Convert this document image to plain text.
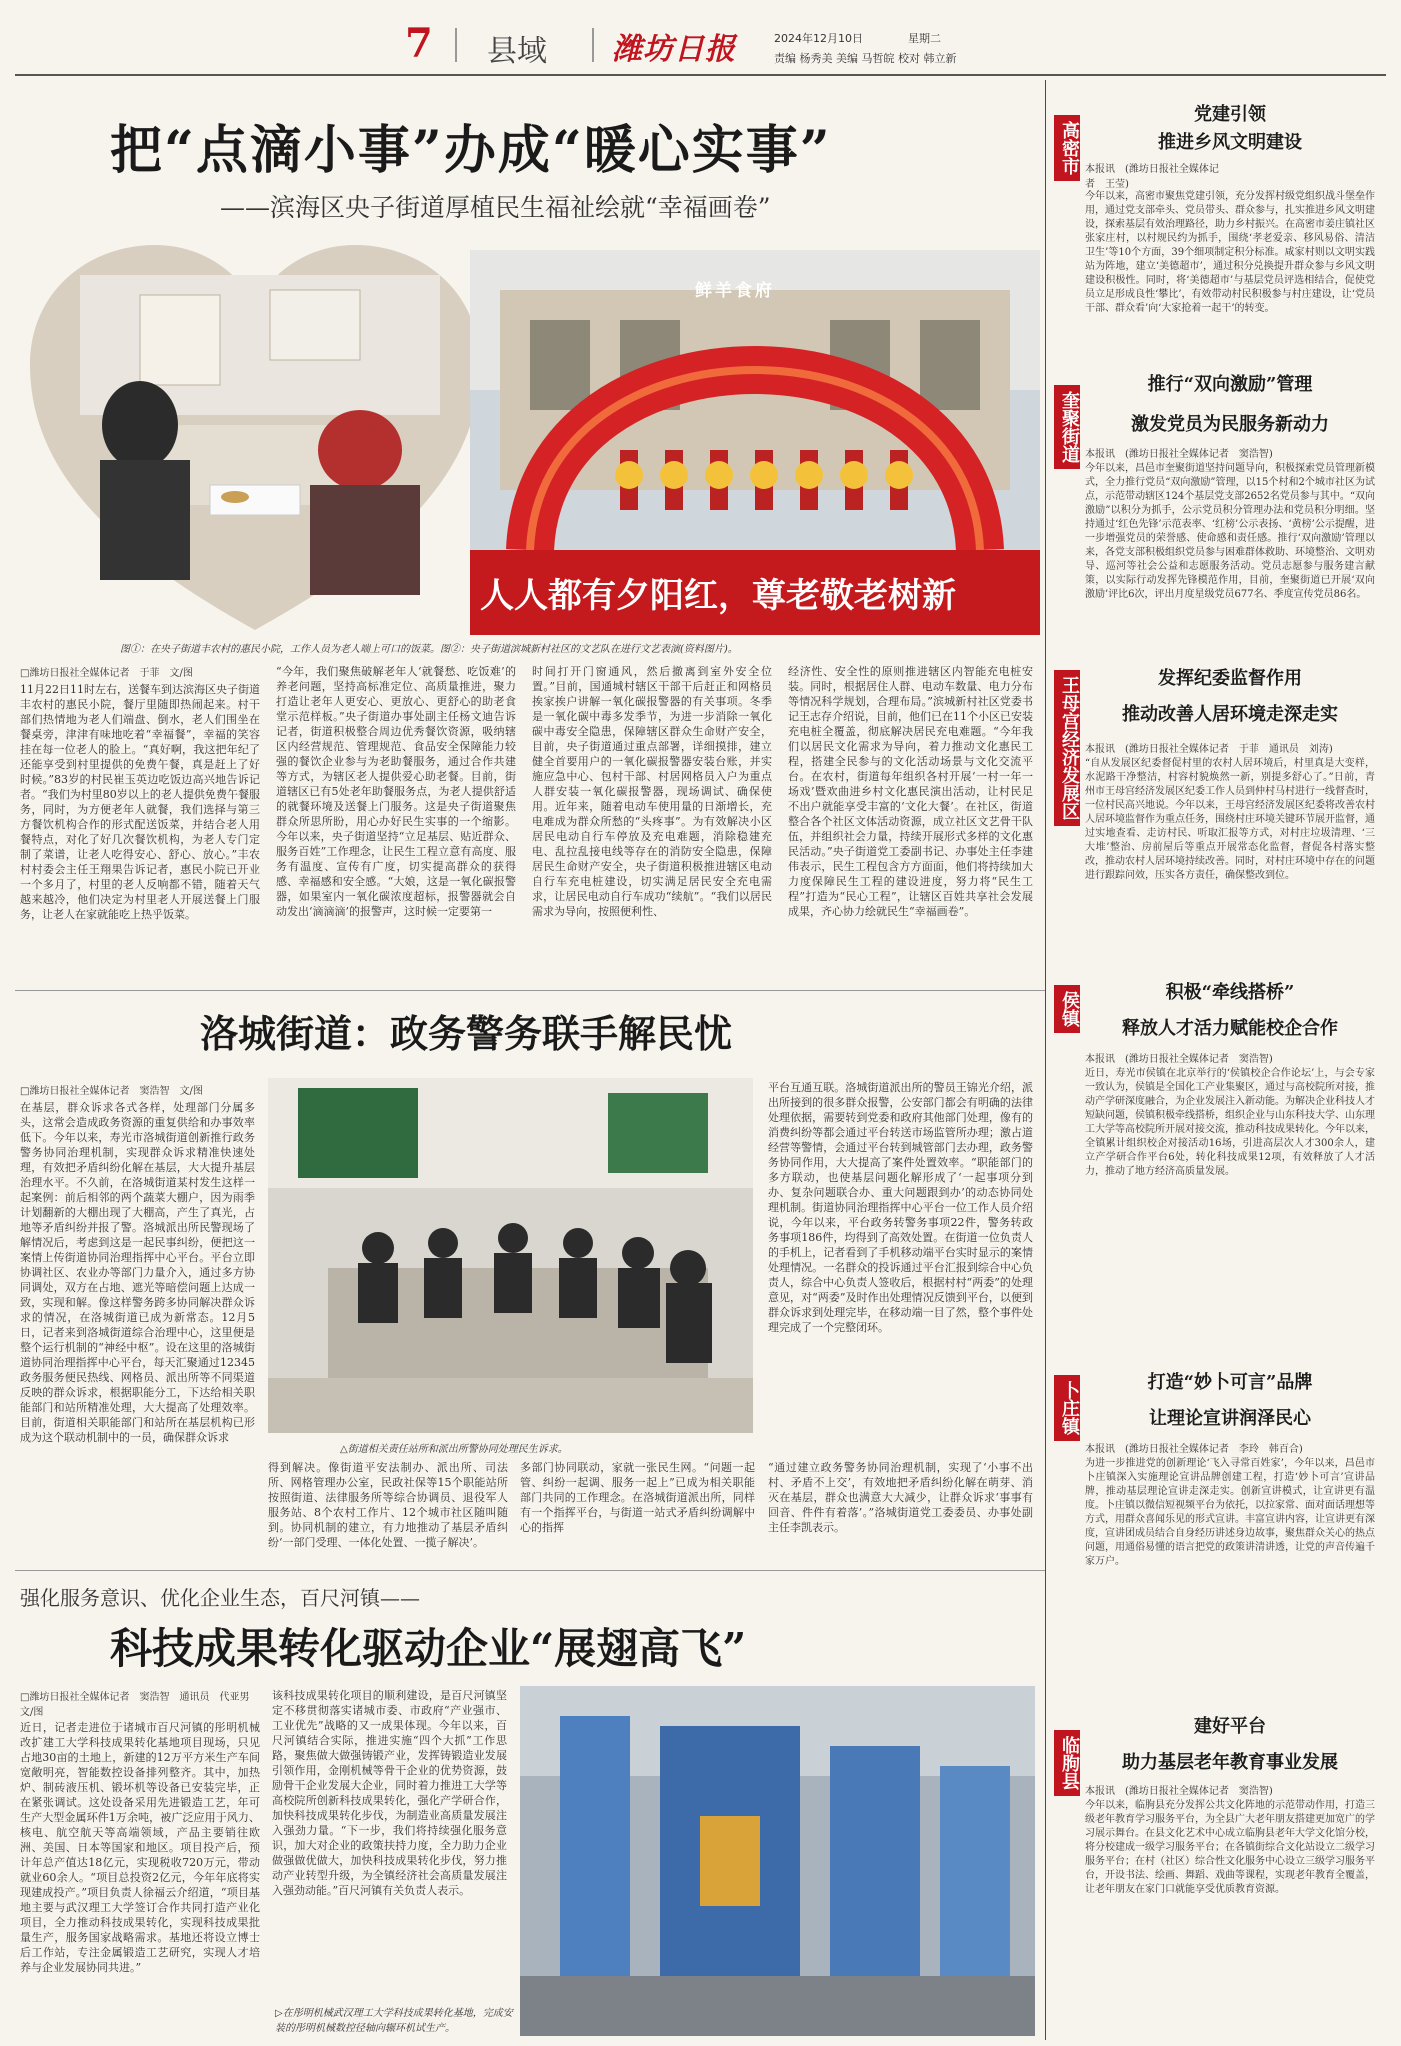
7 县域 潍坊日报	2024年12月10日	星期二
责编 杨秀美 美编 马哲皖 校对 韩立新
把“点滴小事”办成“暖心实事”
——滨海区央子街道厚植民生福祉绘就“幸福画卷”
鲜羊食府
人人都有夕阳红，尊老敬老树新
图①：在央子街道丰农村的惠民小院，工作人员为老人端上可口的饭菜。图②：央子街道滨城新村社区的文艺队在进行文艺表演(资料图片)。
□潍坊日报社全媒体记者　于菲　文/图
11月22日11时左右，送餐车到达滨海区央子街道丰农村的惠民小院，餐厅里随即热闹起来。村干部们热情地为老人们端盘、倒水，老人们围坐在餐桌旁，津津有味地吃着“幸福餐”，幸福的笑容挂在每一位老人的脸上。“真好啊，我这把年纪了还能享受到村里提供的免费午餐，真是赶上了好时候。”83岁的村民崔玉英边吃饭边高兴地告诉记者。“我们为村里80岁以上的老人提供免费午餐服务，同时，为方便老年人就餐，我们选择与第三方餐饮机构合作的形式配送饭菜，并结合老人用餐特点，对化了好几次餐饮机构，为老人专门定制了菜谱，让老人吃得安心、舒心、放心。”丰农村村委会主任王翔果告诉记者，惠民小院已开业一个多月了，村里的老人反响都不错，随着天气越来越冷，他们决定为村里老人开展送餐上门服务，让老人在家就能吃上热乎饭菜。
“今年，我们聚焦破解老年人‘就餐愁、吃饭难’的养老问题，坚持高标准定位、高质量推进，聚力打造让老年人更安心、更放心、更舒心的助老食堂示范样板。”央子街道办事处副主任杨文迪告诉记者，街道积极整合周边优秀餐饮资源，吸纳辖区内经营规范、管理规范、食品安全保障能力较强的餐饮企业参与为老助餐服务，通过合作共建等方式，为辖区老人提供爱心助老餐。目前，街道辖区已有5处老年助餐服务点，为老人提供舒适的就餐环境及送餐上门服务。这是央子街道聚焦群众所思所盼，用心办好民生实事的一个缩影。今年以来，央子街道坚持“立足基层、贴近群众、服务百姓”工作理念，让民生工程立意有高度、服务有温度、宣传有广度，切实提高群众的获得感、幸福感和安全感。“大娘，这是一氧化碳报警器，如果室内一氧化碳浓度超标，报警器就会自动发出‘滴滴滴’的报警声，这时候一定要第一
时间打开门窗通风，然后撤离到室外安全位置。”目前，国通城村辖区干部干后赶正和网格员挨家挨户讲解一氧化碳报警器的有关事项。冬季是一氧化碳中毒多发季节，为进一步消除一氧化碳中毒安全隐患，保障辖区群众生命财产安全，目前，央子街道通过重点部署，详细摸排，建立健全首要用户的一氧化碳报警器安装台账，并实施应急中心、包村干部、村居网格员入户为重点人群安装一氧化碳报警器，现场调试、确保使用。近年来，随着电动车使用量的日渐增长，充电难成为群众所愁的“头疼事”。为有效解决小区居民电动自行车停放及充电难题，消除稳建充电、乱拉乱接电线等存在的消防安全隐患，保障居民生命财产安全，央子街道积极推进辖区电动自行车充电桩建设，切实满足居民安全充电需求，让居民电动自行车成功“续航”。“我们以居民需求为导向，按照便利性、
经济性、安全性的原则推进辖区内智能充电桩安装。同时，根据居住人群、电动车数量、电力分布等情况科学规划，合理布局。”滨城新村社区党委书记王志存介绍说，目前，他们已在11个小区已安装充电桩全覆盖，彻底解决居民充电难题。“今年我们以居民文化需求为导向，着力推动文化惠民工程，搭建全民参与的文化活动场景与文化交流平台。在农村，街道每年组织各村开展‘一村一年一场戏’暨欢曲进乡村文化惠民演出活动，让村民足不出户就能享受丰富的‘文化大餐’。在社区，街道整合各个社区文体活动资源，成立社区文艺骨干队伍，并组织社会力量，持续开展形式多样的文化惠民活动。”央子街道党工委副书记、办事处主任李建伟表示，民生工程包含方方面面，他们将持续加大力度保障民生工程的建设进度，努力将“民生工程”打造为“民心工程”，让辖区百姓共享社会发展成果，齐心协力绘就民生“幸福画卷”。
洛城街道：政务警务联手解民忧
□潍坊日报社全媒体记者　窦浩智　文/图
在基层，群众诉求各式各样，处理部门分属多头，这常会造成政务资源的重复供给和办事效率低下。今年以来，寿光市洛城街道创新推行政务警务协同治理机制，实现群众诉求精准快速处理，有效把矛盾纠纷化解在基层，大大提升基层治理水平。不久前，在洛城街道某村发生这样一起案例：前后相邻的两个蔬菜大棚户，因为雨季计划翻新的大棚出现了大棚高，产生了真光，占地等矛盾纠纷并报了警。洛城派出所民警现场了解情况后，考虑到这是一起民事纠纷，便把这一案情上传街道协同治理指挥中心平台。平台立即协调社区、农业办等部门力量介入，通过多方协同调处，双方在占地、遮光等暗偿问题上达成一致，实现和解。像这样警务跨多协同解决群众诉求的情况，在洛城街道已成为新常态。12月5日，记者来到洛城街道综合治理中心，这里便是整个运行机制的“神经中枢”。设在这里的洛城街道协同治理指挥中心平台，每天汇聚通过12345政务服务便民热线、网格员、派出所等不同渠道反映的群众诉求，根据职能分工，下达给相关职能部门和站所精准处理，大大提高了处理效率。目前，街道相关职能部门和站所在基层机构已形成为这个联动机制中的一员，确保群众诉求
△街道相关责任站所和派出所警协同处理民生诉求。
平台互通互联。洛城街道派出所的警员王锦光介绍，派出所接到的很多群众报警，公安部门都会有明确的法律处理依据，需要转到党委和政府其他部门处理，像有的消费纠纷等都会通过平台转送市场监管所办理；激占道经营等警情，会通过平台转到城管部门去办理，政务警务协同作用，大大提高了案件处置效率。“职能部门的多方联动，也使基层问题化解形成了‘一起事项分到办、复杂问题联合办、重大问题跟到办’的动态协同处理机制。街道协同治理指挥中心平台一位工作人员介绍说，今年以来，平台政务转警务事项22件，警务转政务事项186件，均得到了高效处置。在街道一位负责人的手机上，记者看到了手机移动端平台实时显示的案情处理情况。一名群众的投诉通过平台汇报到综合中心负责人，综合中心负责人签收后，根据村村“两委”的处理意见，对“两委”及时作出处理情况反馈到平台，以便到群众诉求到处理完毕，在移动端一目了然，整个事件处理完成了一个完整闭环。
得到解决。像街道平安法制办、派出所、司法所、网格管理办公室，民政社保等15个职能站所按照街道、法律服务所等综合协调员、退役军人服务站、8个农村工作片、12个城市社区随叫随到。协同机制的建立，有力地推动了基层矛盾纠纷‘一部门受理、一体化处置、一揽子解决’。
多部门协同联动，家就一张民生网。“问题一起管、纠纷一起调、服务一起上”已成为相关职能部门共同的工作理念。在洛城街道派出所，同样有一个指挥平台，与街道一站式矛盾纠纷调解中心的指挥
“通过建立政务警务协同治理机制，实现了‘小事不出村、矛盾不上交’，有效地把矛盾纠纷化解在萌芽、消灭在基层，群众也满意大大减少，让群众诉求‘事事有回音、件件有着落’。”洛城街道党工委委员、办事处副主任李凯表示。
强化服务意识、优化企业生态，百尺河镇——
科技成果转化驱动企业“展翅高飞”
□潍坊日报社全媒体记者　窦浩智　通讯员　代亚男　文/图
近日，记者走进位于诸城市百尺河镇的彤明机械改扩建工大学科技成果转化基地项目现场，只见占地30亩的土地上，新建的12万平方米生产车间宽敞明亮，智能数控设备排列整齐。其中，加热炉、制砖液压机、锻坏机等设备已安装完毕，正在紧张调试。这处设备采用先进锻造工艺，年可生产大型金属环件1万余吨，被广泛应用于风力、核电、航空航天等高端领域，产品主要销往欧洲、美国、日本等国家和地区。项目投产后，预计年总产值达18亿元，实现税收720万元，带动就业60余人。“项目总投资2亿元，今年年底将实现建成投产。”项目负责人徐福云介绍道，“项目基地主要与武汉理工大学签订合作共同打造产业化项目，全力推动科技成果转化，实现科技成果批量生产，服务国家战略需求。基地还将设立博士后工作站，专注金属锻造工艺研究，实现人才培养与企业发展协同共进。”
该科技成果转化项目的顺利建设，是百尺河镇坚定不移贯彻落实诸城市委、市政府“产业强市、工业优先”战略的又一成果体现。今年以来，百尺河镇结合实际，推进实施“四个大抓”工作思路，聚焦做大做强铸锻产业，发挥铸锻造业发展引领作用，金刚机械等骨干企业的优势资源，鼓励骨干企业发展大企业，同时着力推进工大学等高校院所创新科技成果转化，强化产学研合作，加快科技成果转化步伐，为制造业高质量发展注入强劲力量。“下一步，我们将持续强化服务意识，加大对企业的政策扶持力度，全力助力企业做强做优做大，加快科技成果转化步伐，努力推动产业转型升级，为全镇经济社会高质量发展注入强劲动能。”百尺河镇有关负责人表示。
▷在彤明机械武汉理工大学科技成果转化基地，完成安装的彤明机械数控径轴向辗环机试生产。
高密市
党建引领
推进乡风文明建设
本报讯　(潍坊日报社全媒体记者　王莹)
今年以来，高密市聚焦党建引领，充分发挥村级党组织战斗堡垒作用，通过党支部牵头、党员带头、群众参与，扎实推进乡风文明建设，探索基层有效治理路径，助力乡村振兴。在高密市姜庄镇社区张家庄村，以村规民约为抓手，围绕‘孝老爱亲、移风易俗、清洁卫生’等10个方面，39个细项制定积分标准。咸家村则以文明实践站为阵地，建立‘美德超市’，通过积分兑换提升群众参与乡风文明建设积极性。同时，将‘美德超市’与基层党员评选相结合，促使党员立足形成良性‘攀比’，有效带动村民积极参与村庄建设，让‘党员干部、群众看’向‘大家抢着一起干’的转变。
奎聚街道
推行“双向激励”管理
激发党员为民服务新动力
本报讯　(潍坊日报社全媒体记者　窦浩智)
今年以来，昌邑市奎聚街道坚持问题导向，积极探索党员管理新模式，全力推行党员“双向激励”管理，以15个村和2个城市社区为试点，示范带动辖区124个基层党支部2652名党员参与其中。“双向激励”以积分为抓手，公示党员积分管理办法和党员积分明细。坚持通过‘红色先锋’示范表率、‘红榜’公示表扬、‘黄榜’公示提醒，进一步增强党员的荣誉感、使命感和责任感。推行‘双向激励’管理以来，各党支部积极组织党员参与困难群体救助、环境整治、文明劝导、巡河等社会公益和志愿服务活动。党员志愿参与服务建言献策，以实际行动发挥先锋模范作用，目前，奎聚街道已开展‘双向激励’评比6次，评出月度星级党员677名、季度宣传党员86名。
王母宫经济发展区	发挥纪委监督作用
推动改善人居环境走深走实
本报讯　(潍坊日报社全媒体记者　于菲　通讯员　刘涛)
“自从发展区纪委督促村里的农村人居环境后，村里真是大变样，水泥路干净整洁，村容村貌焕然一新，别提多舒心了。”日前，青州市王母宫经济发展区纪委工作人员到仲村马村进行一线督查时，一位村民高兴地说。今年以来，王母宫经济发展区纪委将改善农村人居环境监督作为重点任务，围绕村庄环境关键环节展开监督，通过实地查看、走访村民、听取汇报等方式，对村庄垃圾清理、‘三大堆’整治、房前屋后等重点开展常态化监督，督促各村落实整改，推动农村人居环境持续改善。同时，对村庄环境中存在的问题进行跟踪问效，压实各方责任，确保整改到位。
侯镇	积极“牵线搭桥”
释放人才活力赋能校企合作
本报讯　(潍坊日报社全媒体记者　窦浩智)
近日，寿光市侯镇在北京举行的‘侯镇校企合作论坛’上，与会专家一致认为，侯镇是全国化工产业集聚区，通过与高校院所对接，推动产学研深度融合，为企业发展注入新动能。为解决企业科技人才短缺问题，侯镇积极牵线搭桥，组织企业与山东科技大学、山东理工大学等高校院所开展对接交流，推动科技成果转化。今年以来，全镇累计组织校企对接活动16场，引进高层次人才300余人，建立产学研合作平台6处，转化科技成果12项，有效释放了人才活力，推动了地方经济高质量发展。
卜庄镇	打造“妙卜可言”品牌
让理论宣讲润泽民心
本报讯　(潍坊日报社全媒体记者　李玲　韩百合)
为进一步推进党的创新理论‘飞入寻常百姓家’，今年以来，昌邑市卜庄镇深入实施理论宣讲品牌创建工程，打造‘妙卜可言’宣讲品牌，推动基层理论宣讲走深走实。创新宣讲模式，让宣讲更有温度。卜庄镇以微信短视频平台为依托，以拉家常、面对面话理想等方式，用群众喜闻乐见的形式宣讲。丰富宣讲内容，让宣讲更有深度，宣讲团成员结合自身经历讲述身边故事，聚焦群众关心的热点问题，用通俗易懂的语言把党的政策讲清讲透，让党的声音传遍千家万户。
临朐县
建好平台
助力基层老年教育事业发展
本报讯　(潍坊日报社全媒体记者　窦浩智)
今年以来，临朐县充分发挥公共文化阵地的示范带动作用，打造三级老年教育学习服务平台，为全县广大老年朋友搭建更加宽广的学习展示舞台。在县文化艺术中心成立临朐县老年大学文化馆分校，将分校建成一级学习服务平台；在各镇街综合文化站设立二级学习服务平台；在村（社区）综合性文化服务中心设立三级学习服务平台，开设书法、绘画、舞蹈、戏曲等课程，实现老年教育全覆盖，让老年朋友在家门口就能享受优质教育资源。
